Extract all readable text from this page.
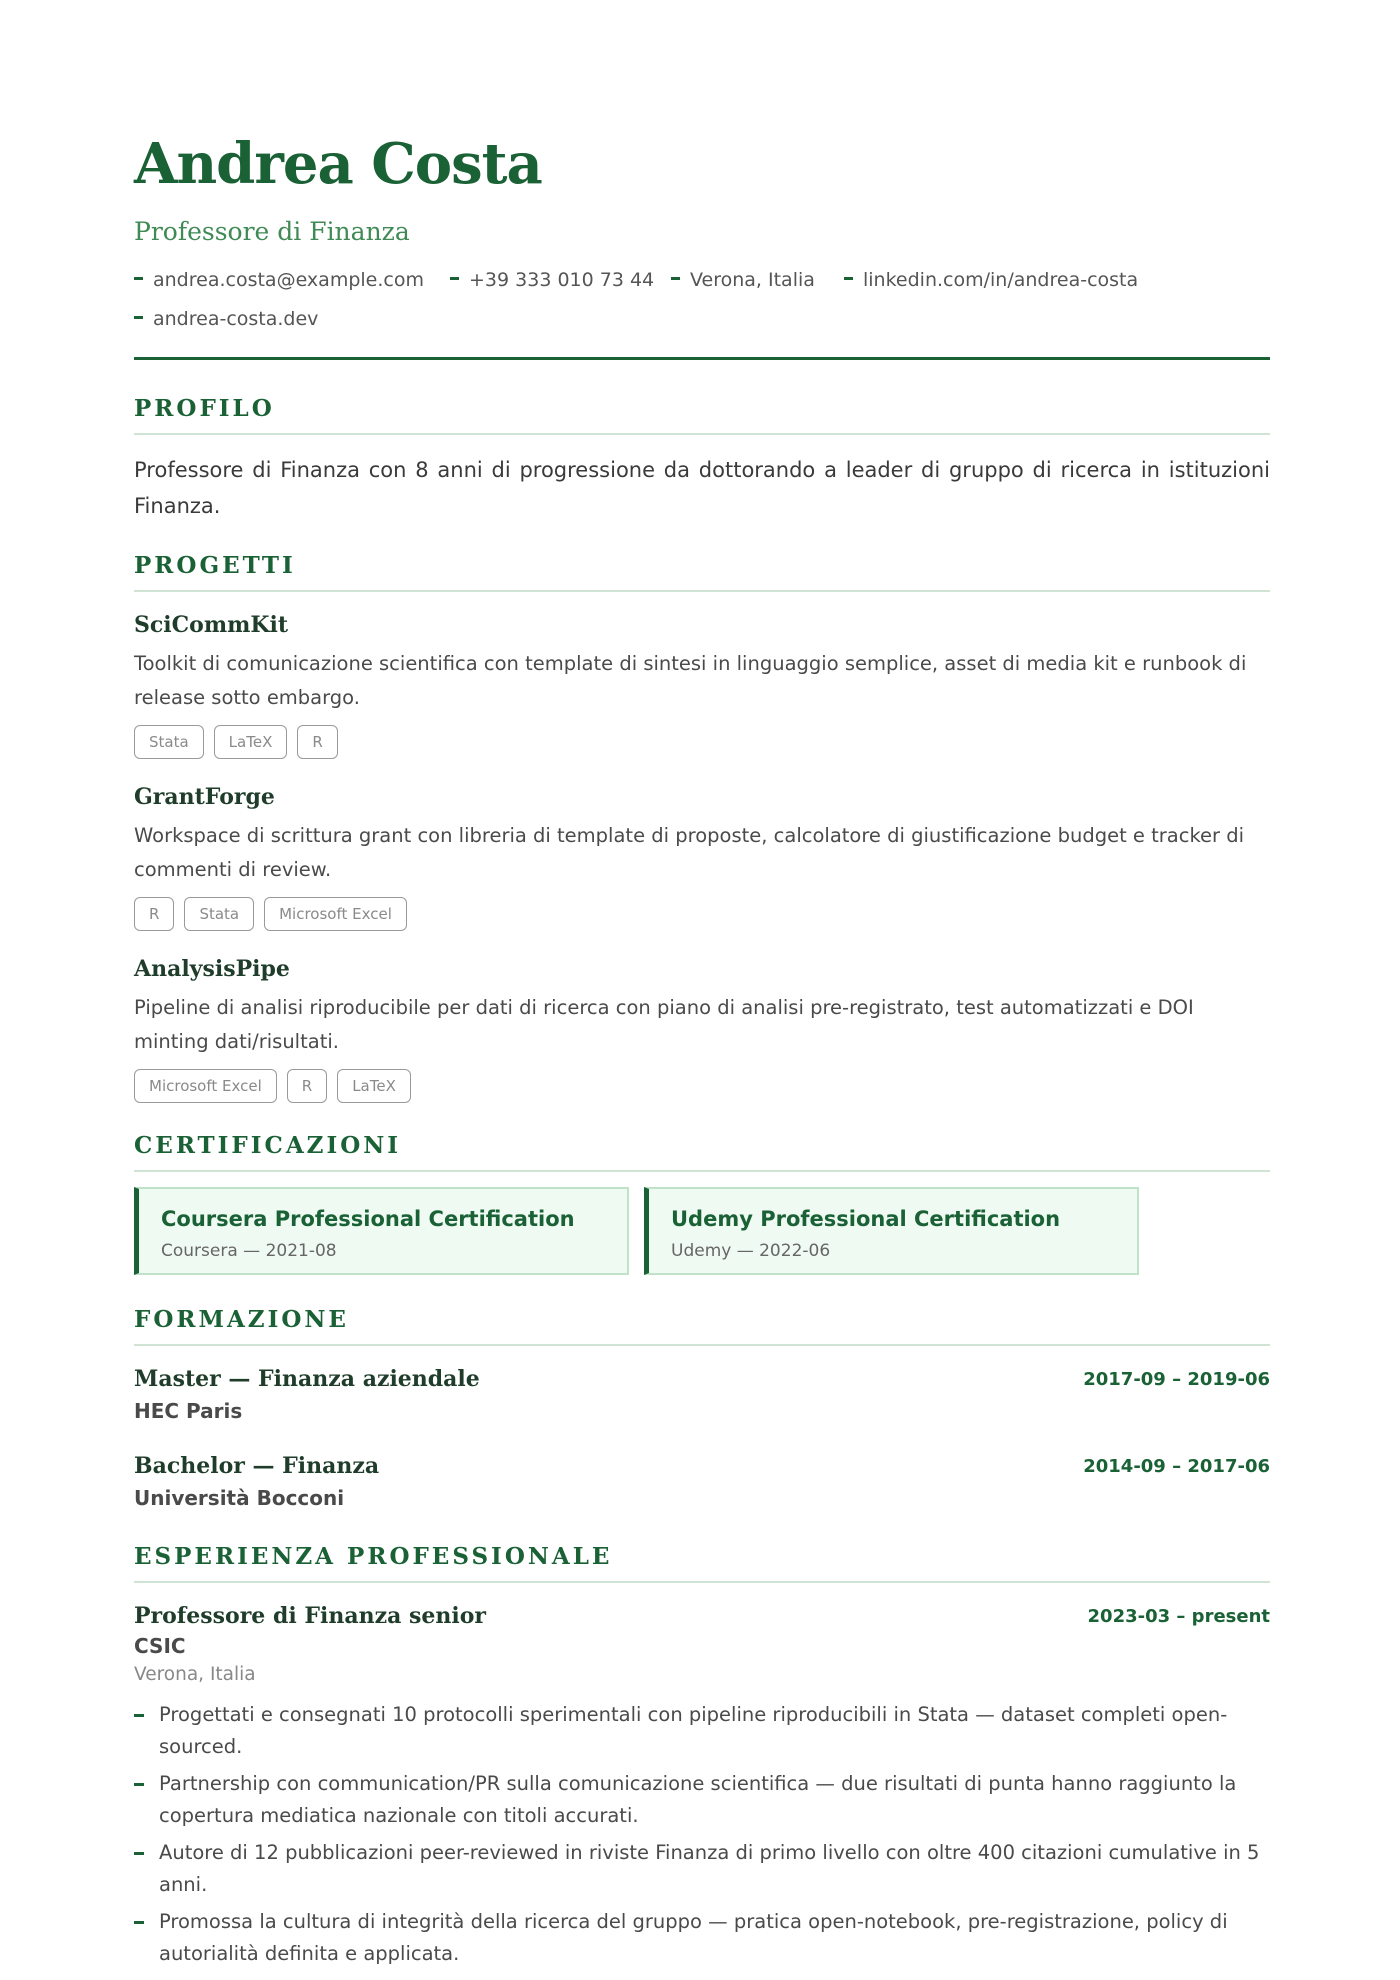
Andrea Costa
Professore di Finanza
andrea.costa@example.com	+39 333 010 73 44	Verona, Italia	linkedin.com/in/andrea-costa
andrea-costa.dev
PROFILO
Professore di Finanza con 8 anni di progressione da dottorando a leader di gruppo di ricerca in istituzioni Finanza.
PROGETTI
SciCommKit
Toolkit di comunicazione scientifica con template di sintesi in linguaggio semplice, asset di media kit e runbook di release sotto embargo.
Stata	LaTeX	R
GrantForge
Workspace di scrittura grant con libreria di template di proposte, calcolatore di giustificazione budget e tracker di commenti di review.
R	Stata	Microsoft Excel
AnalysisPipe
Pipeline di analisi riproducibile per dati di ricerca con piano di analisi pre-registrato, test automatizzati e DOI minting dati/risultati.
Microsoft Excel	R	LaTeX
CERTIFICAZIONI
Coursera Professional Certification
Coursera — 2021-08
Udemy Professional Certification
Udemy — 2022-06
FORMAZIONE
Master — Finanza aziendale	2017-09 – 2019-06
HEC Paris
Bachelor — Finanza	2014-09 – 2017-06
Università Bocconi
ESPERIENZA PROFESSIONALE
Professore di Finanza senior	2023-03 – present
CSIC
Verona, Italia
Progettati e consegnati 10 protocolli sperimentali con pipeline riproducibili in Stata — dataset completi open-sourced.
Partnership con communication/PR sulla comunicazione scientifica — due risultati di punta hanno raggiunto la copertura mediatica nazionale con titoli accurati.
Autore di 12 pubblicazioni peer-reviewed in riviste Finanza di primo livello con oltre 400 citazioni cumulative in 5 anni.
Promossa la cultura di integrità della ricerca del gruppo — pratica open-notebook, pre-registrazione, policy di autorialità definita e applicata.
